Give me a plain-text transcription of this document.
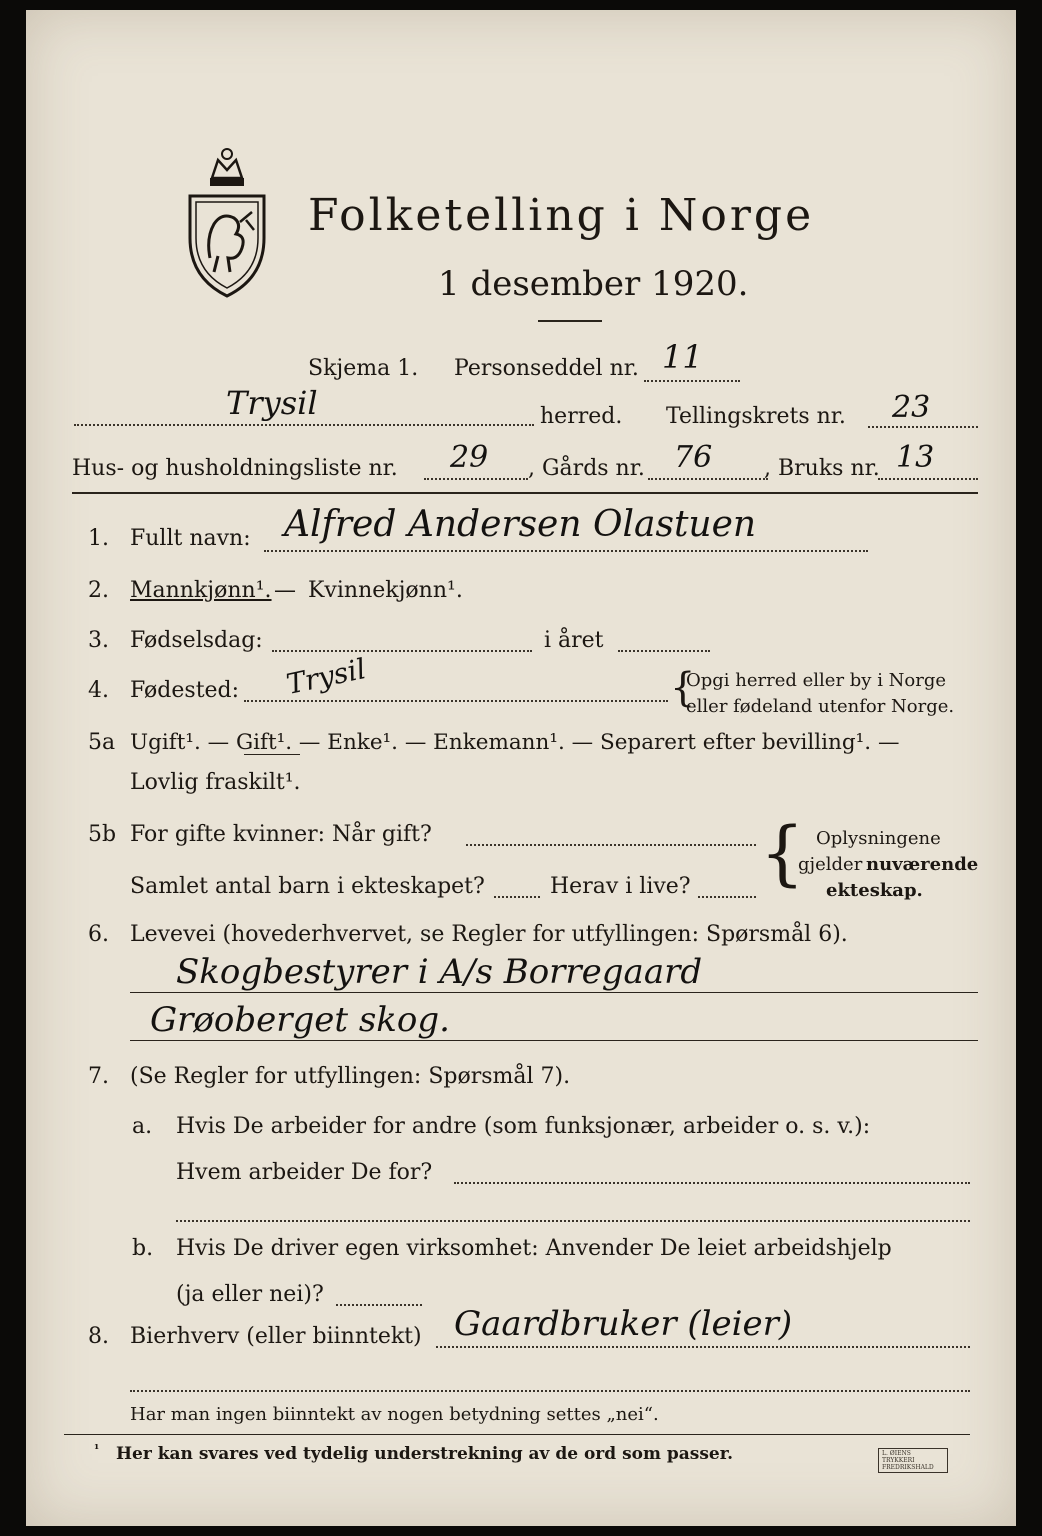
Folketelling i Norge
1 desember 1920.
Skjema 1. Personseddel nr. 11
Trysil	herred. Tellingskrets nr. 23
Hus- og husholdningsliste nr. 29 , Gårds nr. 76 , Bruks nr. 13
1. Fullt navn: Alfred Andersen Olastuen
2. Mannkjønn¹. — Kvinnekjønn¹.
3. Fødselsdag:	i året
4. Fødested: Trysil	{
Opgi herred eller by i Norge
eller fødeland utenfor Norge.
5a Ugift¹. — Gift¹. — Enke¹. — Enkemann¹. — Separert efter bevilling¹. —
Lovlig fraskilt¹.
5b For gifte kvinner: Når gift?
Samlet antal barn i ekteskapet?	Herav i live? { Oplysningene
gjelder nuværende
ekteskap.
6. Levevei (hovederhvervet, se Regler for utfyllingen: Spørsmål 6).
Skogbestyrer i A/s Borregaard
Grøoberget skog.
7. (Se Regler for utfyllingen: Spørsmål 7).
a. Hvis De arbeider for andre (som funksjonær, arbeider o. s. v.):
Hvem arbeider De for?
b. Hvis De driver egen virksomhet: Anvender De leiet arbeidshjelp
(ja eller nei)?
8. Bierhverv (eller biinntekt) Gaardbruker (leier)
Har man ingen biinntekt av nogen betydning settes „nei“.
¹ Her kan svares ved tydelig understrekning av de ord som passer.	L. ØIENS TRYKKERI FREDRIKSHALD
